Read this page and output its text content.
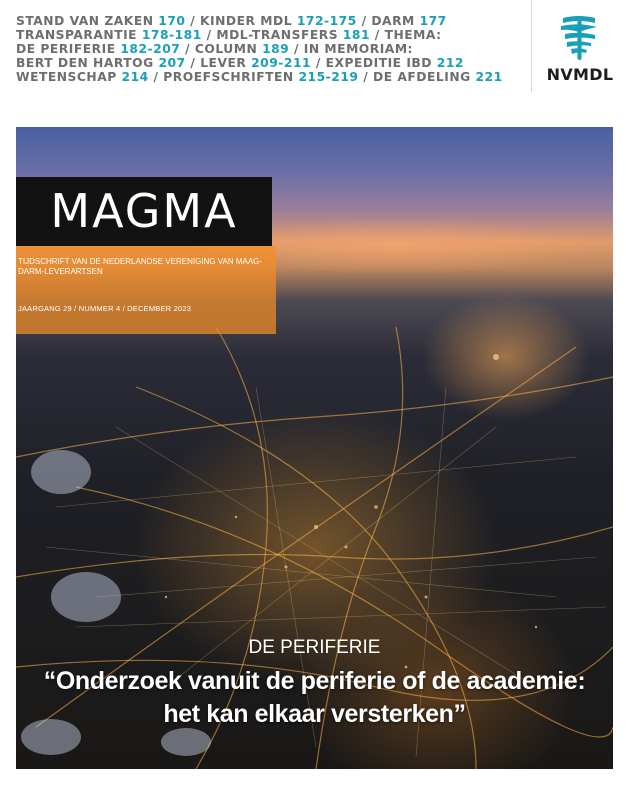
STAND VAN ZAKEN 170 / KINDER MDL 172-175 / DARM 177
TRANSPARANTIE 178-181 / MDL-TRANSFERS 181 / THEMA:
DE PERIFERIE 182-207 / COLUMN 189 / IN MEMORIAM:
BERT DEN HARTOG 207 / LEVER 209-211 / EXPEDITIE IBD 212
WETENSCHAP 214 / PROEFSCHRIFTEN 215-219 / DE AFDELING 221	NVMDL
MAGMA
TIJDSCHRIFT VAN DE NEDERLANDSE VERENIGING VAN MAAG-DARM-LEVERARTSEN
JAARGANG 29 / NUMMER 4 / DECEMBER 2023
DE PERIFERIE
“Onderzoek vanuit de periferie of de academie: het kan elkaar versterken”
